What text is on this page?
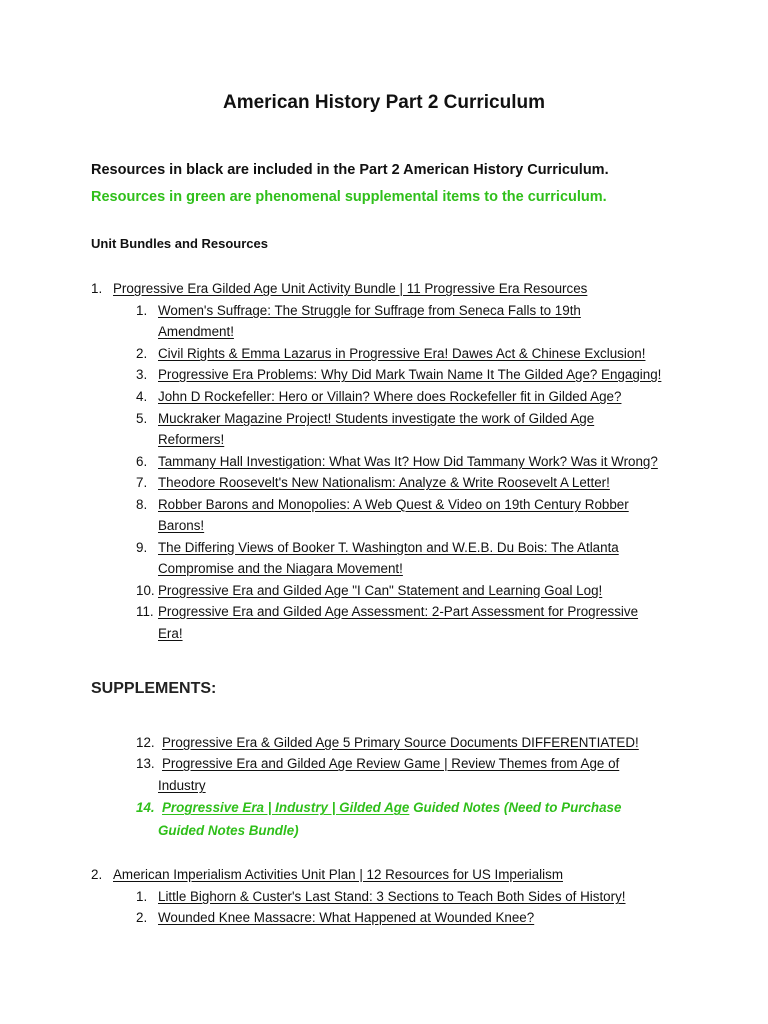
American History Part 2 Curriculum

Resources in black are included in the Part 2 American History Curriculum.

Resources in green are phenomenal supplemental items to the curriculum.

Unit Bundles and Resources
1. Progressive Era Gilded Age Unit Activity Bundle | 11 Progressive Era Resources
1. Women's Suffrage: The Struggle for Suffrage from Seneca Falls to 19th
Amendment!
2. Civil Rights & Emma Lazarus in Progressive Era! Dawes Act & Chinese Exclusion!
3. Progressive Era Problems: Why Did Mark Twain Name It The Gilded Age? Engaging!
4. John D Rockefeller: Hero or Villain? Where does Rockefeller fit in Gilded Age?
5. Muckraker Magazine Project! Students investigate the work of Gilded Age
Reformers!
6. Tammany Hall Investigation: What Was It? How Did Tammany Work? Was it Wrong?
7. Theodore Roosevelt's New Nationalism: Analyze & Write Roosevelt A Letter!
8. Robber Barons and Monopolies: A Web Quest & Video on 19th Century Robber
Barons!
9. The Differing Views of Booker T. Washington and W.E.B. Du Bois: The Atlanta
Compromise and the Niagara Movement!
10. Progressive Era and Gilded Age "I Can" Statement and Learning Goal Log!
11. Progressive Era and Gilded Age Assessment: 2-Part Assessment for Progressive
Era!
SUPPLEMENTS:
12. Progressive Era & Gilded Age 5 Primary Source Documents DIFFERENTIATED!
13. Progressive Era and Gilded Age Review Game | Review Themes from Age of
Industry
14. Progressive Era | Industry | Gilded Age Guided Notes (Need to Purchase
Guided Notes Bundle)
2. American Imperialism Activities Unit Plan | 12 Resources for US Imperialism
1. Little Bighorn & Custer's Last Stand: 3 Sections to Teach Both Sides of History!
2. Wounded Knee Massacre: What Happened at Wounded Knee?
